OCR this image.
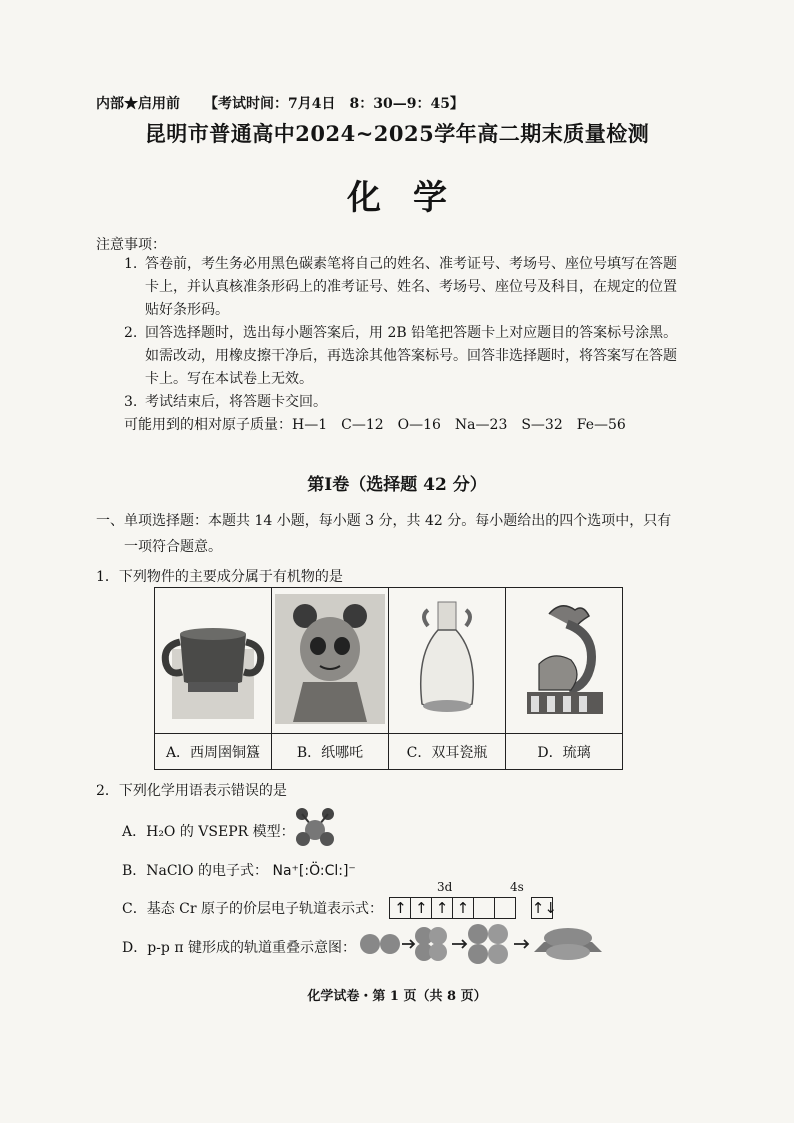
内部★启用前 【考试时间：7月4日　8：30—9：45】
昆明市普通高中2024~2025学年高二期末质量检测
化学
注意事项：
1. 答卷前，考生务必用黑色碳素笔将自己的姓名、准考证号、考场号、座位号填写在答题卡上，并认真核准条形码上的准考证号、姓名、考场号、座位号及科目，在规定的位置贴好条形码。
2. 回答选择题时，选出每小题答案后，用 2B 铅笔把答题卡上对应题目的答案标号涂黑。如需改动，用橡皮擦干净后，再选涂其他答案标号。回答非选择题时，将答案写在答题卡上。写在本试卷上无效。
3. 考试结束后，将答题卡交回。
可能用到的相对原子质量：H—1　C—12　O—16　Na—23　S—32　Fe—56
第Ⅰ卷（选择题 42 分）
一、单项选择题：本题共 14 小题，每小题 3 分，共 42 分。每小题给出的四个选项中，只有
一项符合题意。
1．下列物件的主要成分属于有机物的是

A．西周圉铜簋	B．纸哪吒	C．双耳瓷瓶	D．琉璃
2．下列化学用语表示错误的是
A．H₂O 的 VSEPR 模型：
B．NaClO 的电子式： Na⁺[:Ö:Cl:]⁻
3d	4s
C．基态 Cr 原子的价层电子轨道表示式： ↑ ↑ ↑ ↑	↑↓
D．p-p π 键形成的轨道重叠示意图：
化学试卷・第 1 页（共 8 页）
